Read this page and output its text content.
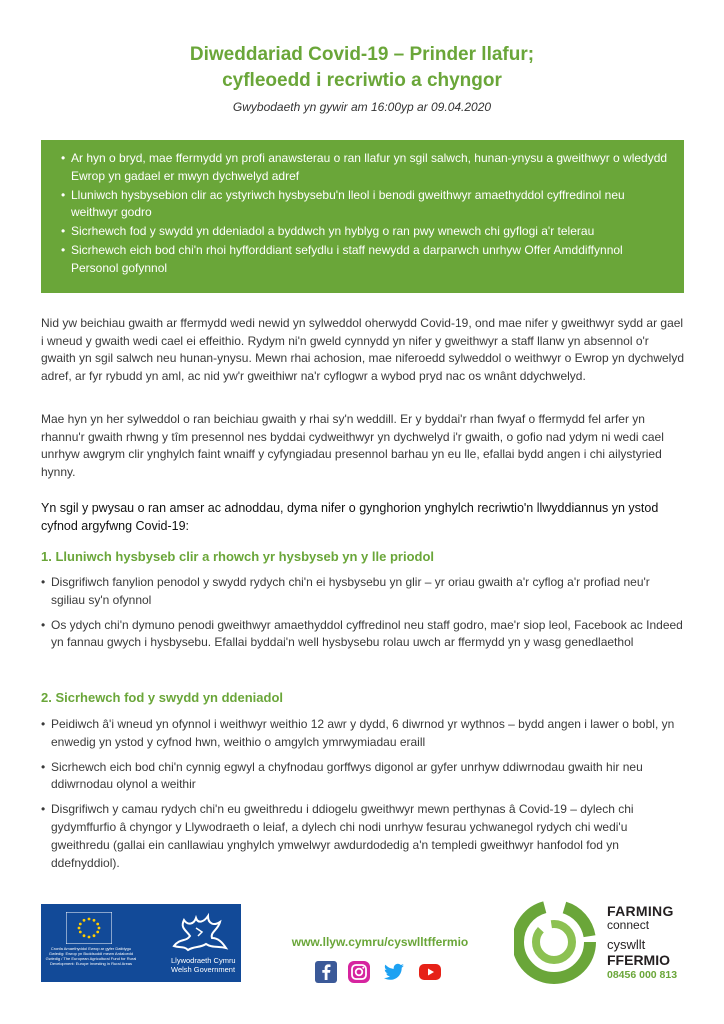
Diweddariad Covid-19 – Prinder llafur;
cyfleoedd i recriwtio a chyngor
Gwybodaeth yn gywir am 16:00yp ar 09.04.2020
• Ar hyn o bryd, mae ffermydd yn profi anawsterau o ran llafur yn sgil salwch, hunan-ynysu a gweithwyr o wledydd Ewrop yn gadael er mwyn dychwelyd adref
• Lluniwch hysbysebion clir ac ystyriwch hysbysebu'n lleol i benodi gweithwyr amaethyddol cyffredinol neu weithwyr godro
• Sicrhewch fod y swydd yn ddeniadol a byddwch yn hyblyg o ran pwy wnewch chi gyflogi a'r telerau
• Sicrhewch eich bod chi'n rhoi hyfforddiant sefydlu i staff newydd a darparwch unrhyw Offer Amddiffynnol Personol gofynnol
Nid yw beichiau gwaith ar ffermydd wedi newid yn sylweddol oherwydd Covid-19, ond mae nifer y gweithwyr sydd ar gael i wneud y gwaith wedi cael ei effeithio. Rydym ni'n gweld cynnydd yn nifer y gweithwyr a staff llanw yn absennol o'r gwaith yn sgil salwch neu hunan-ynysu. Mewn rhai achosion, mae niferoedd sylweddol o weithwyr o Ewrop yn dychwelyd adref, ar fyr rybudd yn aml, ac nid yw'r gweithiwr na'r cyflogwr a wybod pryd nac os wnânt ddychwelyd.
Mae hyn yn her sylweddol o ran beichiau gwaith y rhai sy'n weddill. Er y byddai'r rhan fwyaf o ffermydd fel arfer yn rhannu'r gwaith rhwng y tîm presennol nes byddai cydweithwyr yn dychwelyd i'r gwaith, o gofio nad ydym ni wedi cael unrhyw awgrym clir ynghylch faint wnaiff y cyfyngiadau presennol barhau yn eu lle, efallai bydd angen i chi ailystyried hynny.
Yn sgil y pwysau o ran amser ac adnoddau, dyma nifer o gynghorion ynghylch recriwtio'n llwyddiannus yn ystod cyfnod argyfwng Covid-19:
1. Lluniwch hysbyseb clir a rhowch yr hysbyseb yn y lle priodol
• Disgrifiwch fanylion penodol y swydd rydych chi'n ei hysbysebu yn glir – yr oriau gwaith a'r cyflog a'r profiad neu'r sgiliau sy'n ofynnol
• Os ydych chi'n dymuno penodi gweithwyr amaethyddol cyffredinol neu staff godro, mae'r siop leol, Facebook ac Indeed yn fannau gwych i hysbysebu. Efallai byddai'n well hysbysebu rolau uwch ar ffermydd yn y wasg genedlaethol
2. Sicrhewch fod y swydd yn ddeniadol
• Peidiwch â'i wneud yn ofynnol i weithwyr weithio 12 awr y dydd, 6 diwrnod yr wythnos – bydd angen i lawer o bobl, yn enwedig yn ystod y cyfnod hwn, weithio o amgylch ymrwymiadau eraill
• Sicrhewch eich bod chi'n cynnig egwyl a chyfnodau gorffwys digonol ar gyfer unrhyw ddiwrnodau gwaith hir neu ddiwrnodau olynol a weithir
• Disgrifiwch y camau rydych chi'n eu gweithredu i ddiogelu gweithwyr mewn perthynas â Covid-19 – dylech chi gydymffurfio â chyngor y Llywodraeth o leiaf, a dylech chi nodi unrhyw fesurau ychwanegol rydych chi wedi'u gweithredu (gallai ein canllawiau ynghylch ymwelwyr awdurdodedig a'n templedi gweithwyr hanfodol fod yn ddefnyddiol).
Cronfa Amaethyddol Ewrop ar gyfer Datblygu Gwledig: Ewrop yn Buddsoddi mewn Ardaloedd Gwledig / The European Agricultural Fund for Rural Development: Europe Investing in Rural Areas	Llywodraeth Cymru
Welsh Government
www.llyw.cymru/cyswlltffermio
FARMING
connect
cyswllt
FFERMIO
08456 000 813
